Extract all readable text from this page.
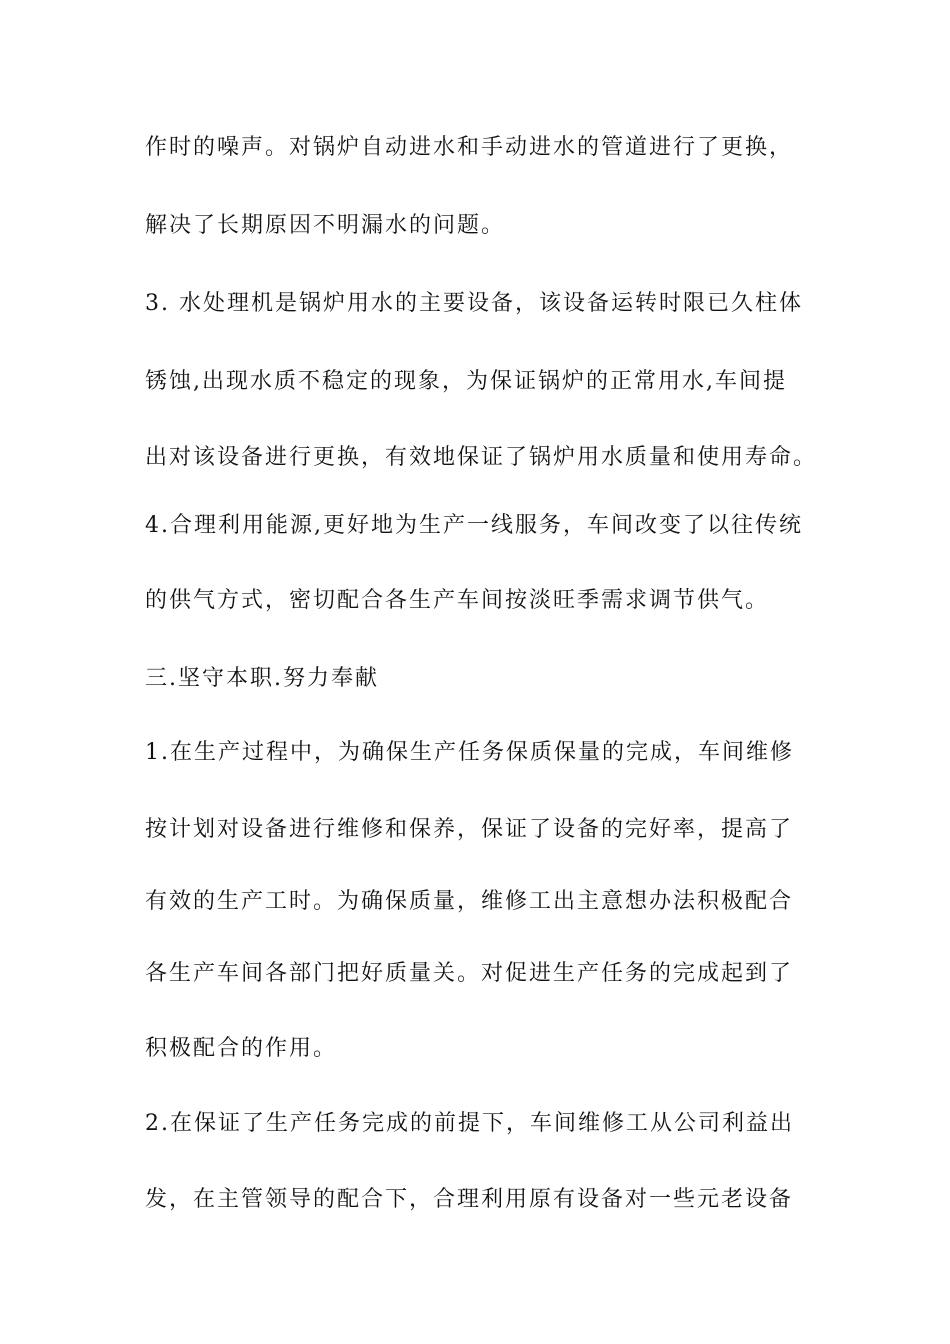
作时的噪声。对锅炉自动进水和手动进水的管道进行了更换，
解决了长期原因不明漏水的问题。
3. 水处理机是锅炉用水的主要设备，该设备运转时限已久柱体
锈蚀,出现水质不稳定的现象，为保证锅炉的正常用水,车间提
出对该设备进行更换，有效地保证了锅炉用水质量和使用寿命。
4.合理利用能源,更好地为生产一线服务，车间改变了以往传统
的供气方式，密切配合各生产车间按淡旺季需求调节供气。
三.坚守本职.努力奉献
1.在生产过程中，为确保生产任务保质保量的完成，车间维修
按计划对设备进行维修和保养，保证了设备的完好率，提高了
有效的生产工时。为确保质量，维修工出主意想办法积极配合
各生产车间各部门把好质量关。对促进生产任务的完成起到了
积极配合的作用。
2.在保证了生产任务完成的前提下，车间维修工从公司利益出
发，在主管领导的配合下，合理利用原有设备对一些元老设备
